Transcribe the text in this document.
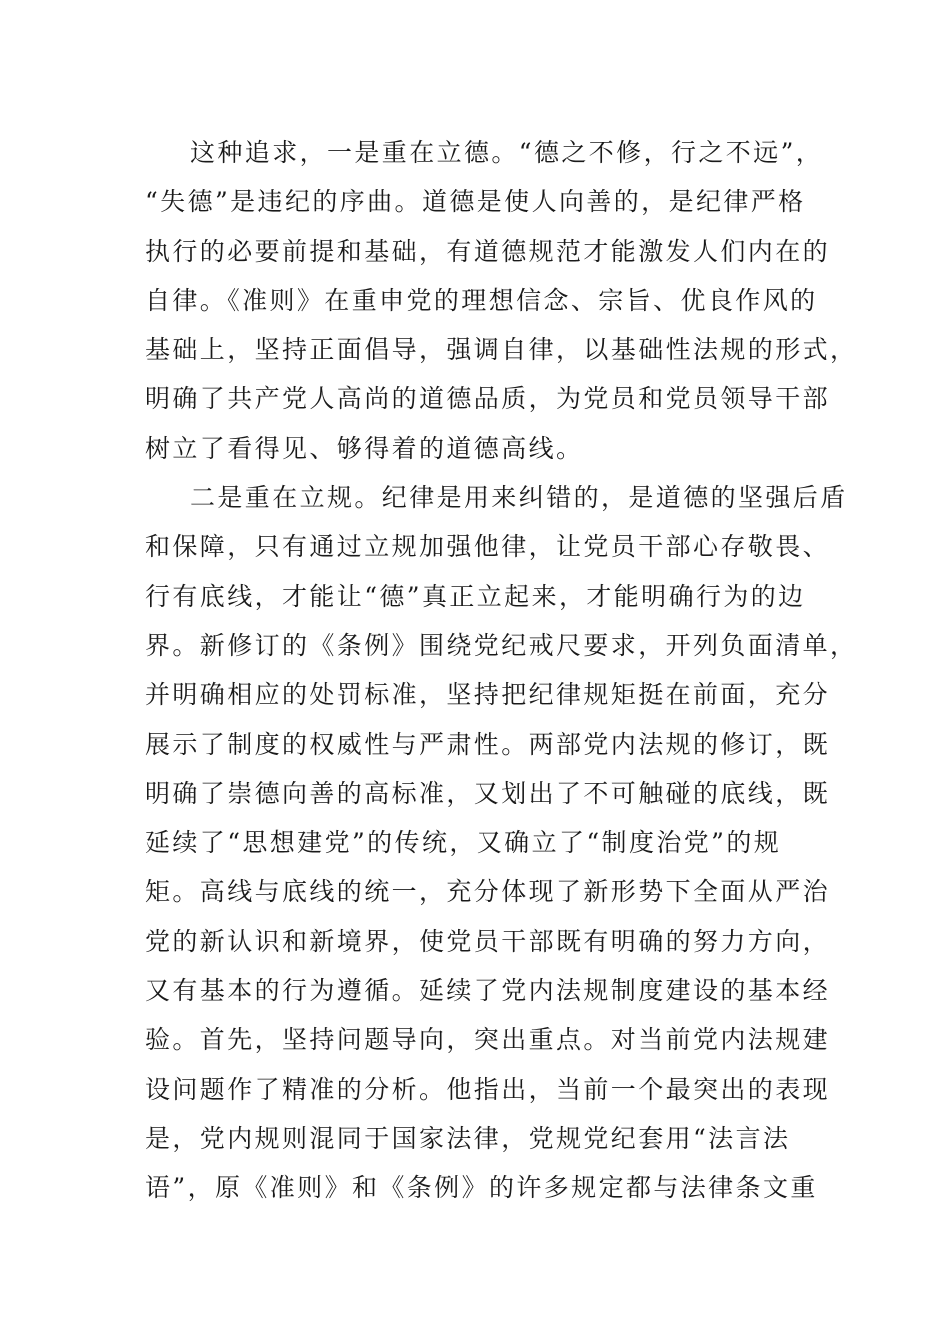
这种追求，一是重在立德。“德之不修，行之不远”，
“失德”是违纪的序曲。道德是使人向善的，是纪律严格
执行的必要前提和基础，有道德规范才能激发人们内在的
自律。《准则》在重申党的理想信念、宗旨、优良作风的
基础上，坚持正面倡导，强调自律，以基础性法规的形式，
明确了共产党人高尚的道德品质，为党员和党员领导干部
树立了看得见、够得着的道德高线。
二是重在立规。纪律是用来纠错的，是道德的坚强后盾
和保障，只有通过立规加强他律，让党员干部心存敬畏、
行有底线，才能让“德”真正立起来，才能明确行为的边
界。新修订的《条例》围绕党纪戒尺要求，开列负面清单，
并明确相应的处罚标准，坚持把纪律规矩挺在前面，充分
展示了制度的权威性与严肃性。两部党内法规的修订，既
明确了崇德向善的高标准，又划出了不可触碰的底线，既
延续了“思想建党”的传统，又确立了“制度治党”的规
矩。高线与底线的统一，充分体现了新形势下全面从严治
党的新认识和新境界，使党员干部既有明确的努力方向，
又有基本的行为遵循。延续了党内法规制度建设的基本经
验。首先，坚持问题导向，突出重点。对当前党内法规建
设问题作了精准的分析。他指出，当前一个最突出的表现
是，党内规则混同于国家法律，党规党纪套用“法言法
语”，原《准则》和《条例》的许多规定都与法律条文重
